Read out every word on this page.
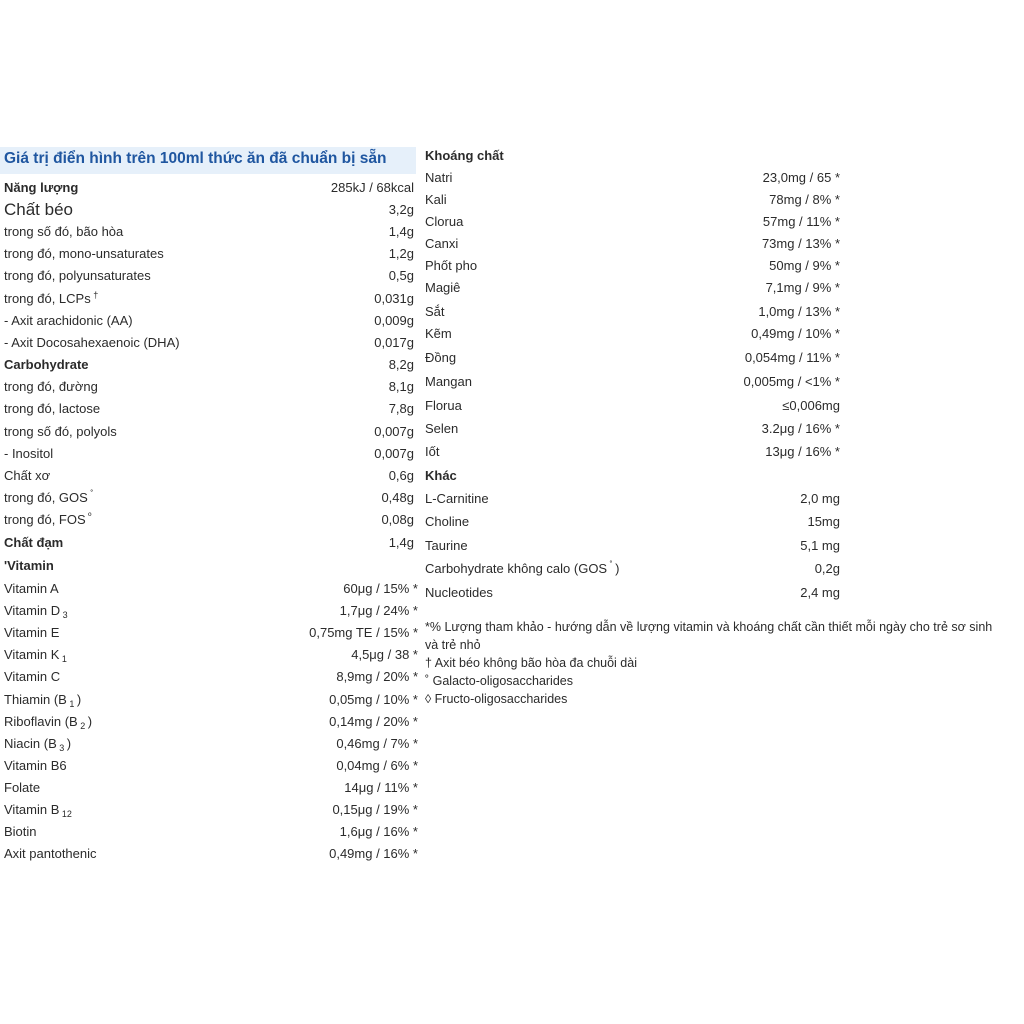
Giá trị điển hình trên 100ml thức ăn đã chuẩn bị sẵn
Năng lượng	285kJ / 68kcal
Chất béo	3,2g
trong số đó, bão hòa	1,4g
trong đó, mono-unsaturates	1,2g
trong đó, polyunsaturates	0,5g
trong đó, LCPs †	0,031g
- Axit arachidonic (AA)	0,009g
- Axit Docosahexaenoic (DHA)	0,017g
Carbohydrate	8,2g
trong đó, đường	8,1g
trong đó, lactose	7,8g
trong số đó, polyols	0,007g
- Inositol	0,007g
Chất xơ	0,6g
trong đó, GOS ˚	0,48g
trong đó, FOS $^º$	0,08g
Chất đạm	1,4g
'Vitamin
Vitamin A	60μg / 15% *
Vitamin D $_3$	1,7μg / 24% *
Vitamin E	0,75mg TE / 15% *
Vitamin K $_1$	4,5μg / 38 *
Vitamin C	8,9mg / 20% *
Thiamin (B $_1$ )	0,05mg / 10% *
Riboflavin (B $_2$ )	0,14mg / 20% *
Niacin (B $_3$ )	0,46mg / 7% *
Vitamin B6	0,04mg / 6% *
Folate	14μg / 11% *
Vitamin B $_{12}$	0,15μg / 19% *
Biotin	1,6μg / 16% *
Axit pantothenic	0,49mg / 16% *
Khoáng chất
Natri	23,0mg / 65 *
Kali	78mg / 8% *
Clorua	57mg / 11% *
Canxi	73mg / 13% *
Phốt pho	50mg / 9% *
Magiê	7,1mg / 9% *
Sắt	1,0mg / 13% *
Kẽm	0,49mg / 10% *
Đồng	0,054mg / 11% *
Mangan	0,005mg / <1% *
Florua	≤0,006mg
Selen	3.2μg / 16% *
Iốt	13μg / 16% *
Khác
L-Carnitine	2,0 mg
Choline	15mg
Taurine	5,1 mg
Carbohydrate không calo (GOS ˚ )	0,2g
Nucleotides	2,4 mg
*% Lượng tham khảo - hướng dẫn về lượng vitamin và khoáng chất cần thiết mỗi ngày cho trẻ sơ sinh
và trẻ nhỏ
† Axit béo không bão hòa đa chuỗi dài
˚ Galacto-oligosaccharides
◊ Fructo-oligosaccharides
